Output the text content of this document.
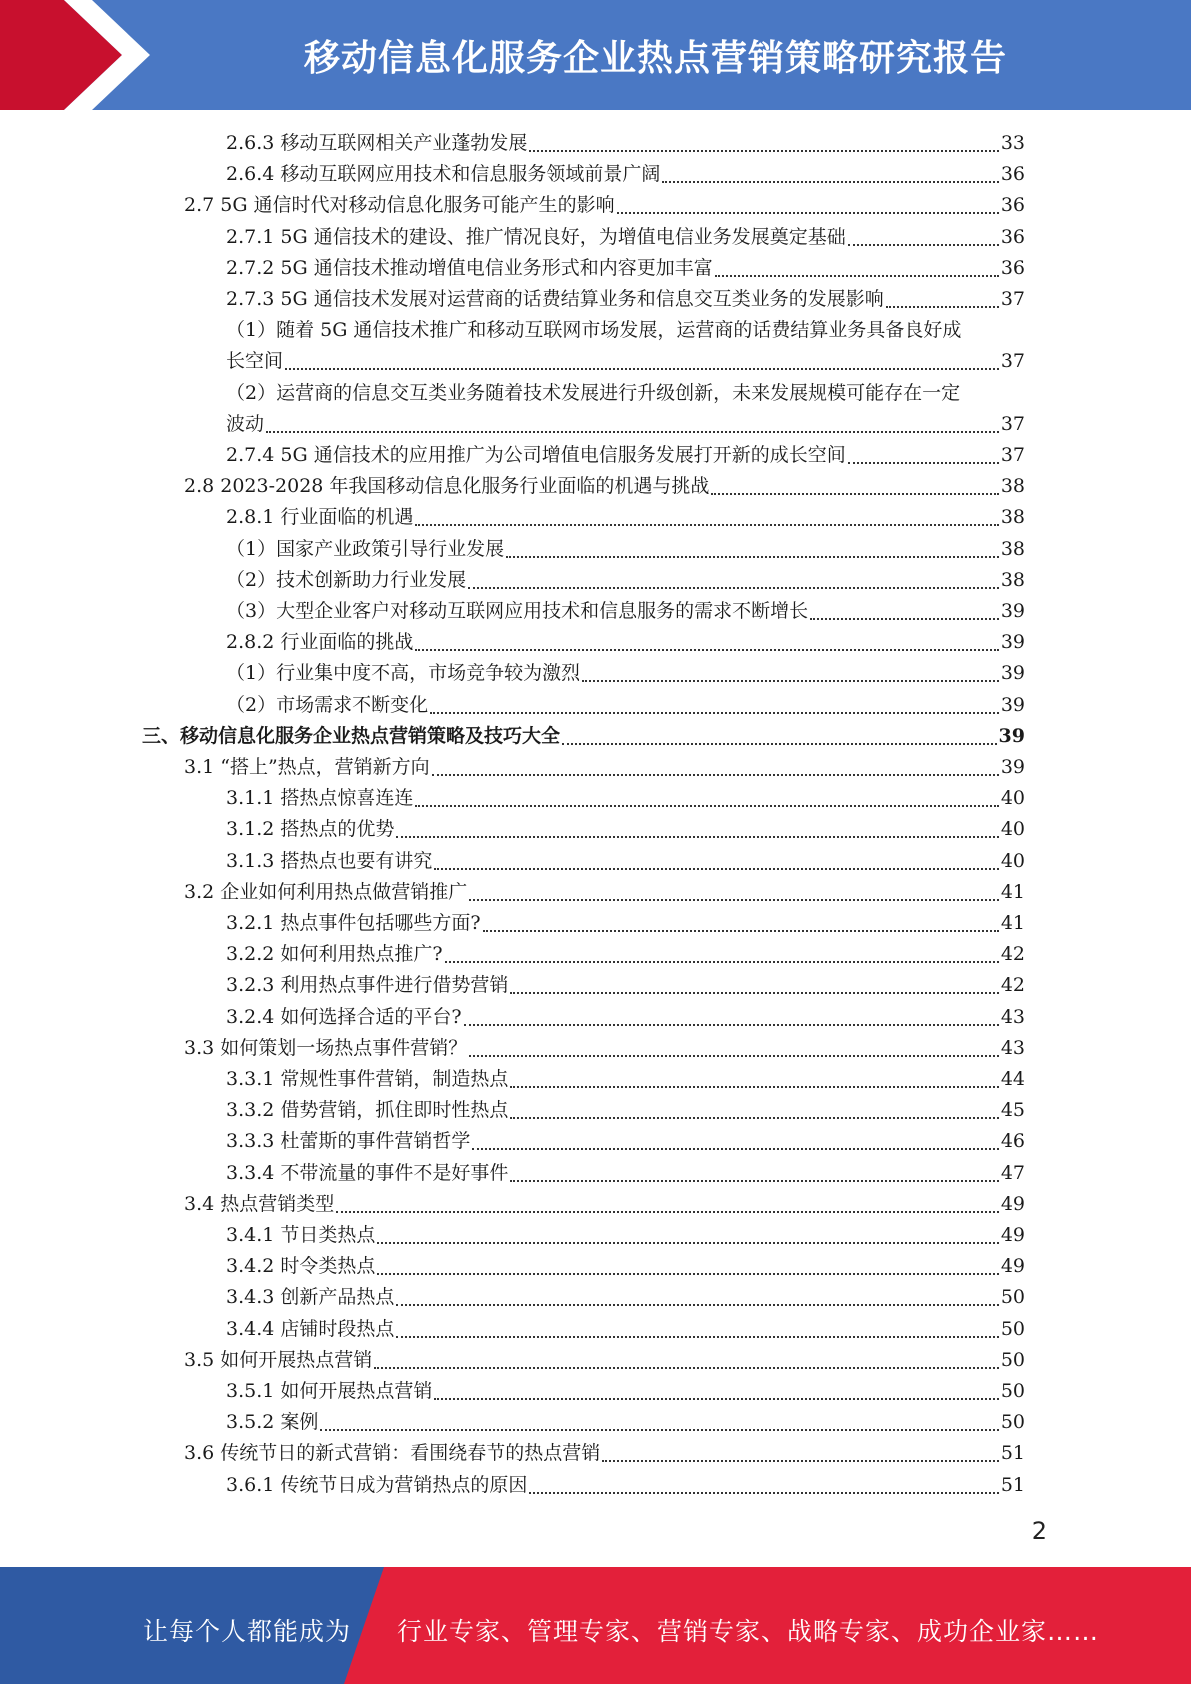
移动信息化服务企业热点营销策略研究报告
2.6.3 移动互联网相关产业蓬勃发展	33
2.6.4 移动互联网应用技术和信息服务领域前景广阔	36
2.7 5G 通信时代对移动信息化服务可能产生的影响	36
2.7.1 5G 通信技术的建设、推广情况良好，为增值电信业务发展奠定基础	36
2.7.2 5G 通信技术推动增值电信业务形式和内容更加丰富	36
2.7.3 5G 通信技术发展对运营商的话费结算业务和信息交互类业务的发展影响	37
（1）随着 5G 通信技术推广和移动互联网市场发展，运营商的话费结算业务具备良好成
长空间	37
（2）运营商的信息交互类业务随着技术发展进行升级创新，未来发展规模可能存在一定
波动	37
2.7.4 5G 通信技术的应用推广为公司增值电信服务发展打开新的成长空间	37
2.8 2023-2028 年我国移动信息化服务行业面临的机遇与挑战	38
2.8.1 行业面临的机遇	38
（1）国家产业政策引导行业发展	38
（2）技术创新助力行业发展	38
（3）大型企业客户对移动互联网应用技术和信息服务的需求不断增长	39
2.8.2 行业面临的挑战	39
（1）行业集中度不高，市场竞争较为激烈	39
（2）市场需求不断变化	39
三、移动信息化服务企业热点营销策略及技巧大全	39
3.1 “搭上”热点，营销新方向	39
3.1.1 搭热点惊喜连连	40
3.1.2 搭热点的优势	40
3.1.3 搭热点也要有讲究	40
3.2 企业如何利用热点做营销推广	41
3.2.1 热点事件包括哪些方面?	41
3.2.2 如何利用热点推广?	42
3.2.3 利用热点事件进行借势营销	42
3.2.4 如何选择合适的平台?	43
3.3 如何策划一场热点事件营销？	43
3.3.1 常规性事件营销，制造热点	44
3.3.2 借势营销，抓住即时性热点	45
3.3.3 杜蕾斯的事件营销哲学	46
3.3.4 不带流量的事件不是好事件	47
3.4 热点营销类型	49
3.4.1 节日类热点	49
3.4.2 时令类热点	49
3.4.3 创新产品热点	50
3.4.4 店铺时段热点	50
3.5 如何开展热点营销	50
3.5.1 如何开展热点营销	50
3.5.2 案例	50
3.6 传统节日的新式营销：看围绕春节的热点营销	51
3.6.1 传统节日成为营销热点的原因	51
2
让每个人都能成为 行业专家、管理专家、营销专家、战略专家、成功企业家……
